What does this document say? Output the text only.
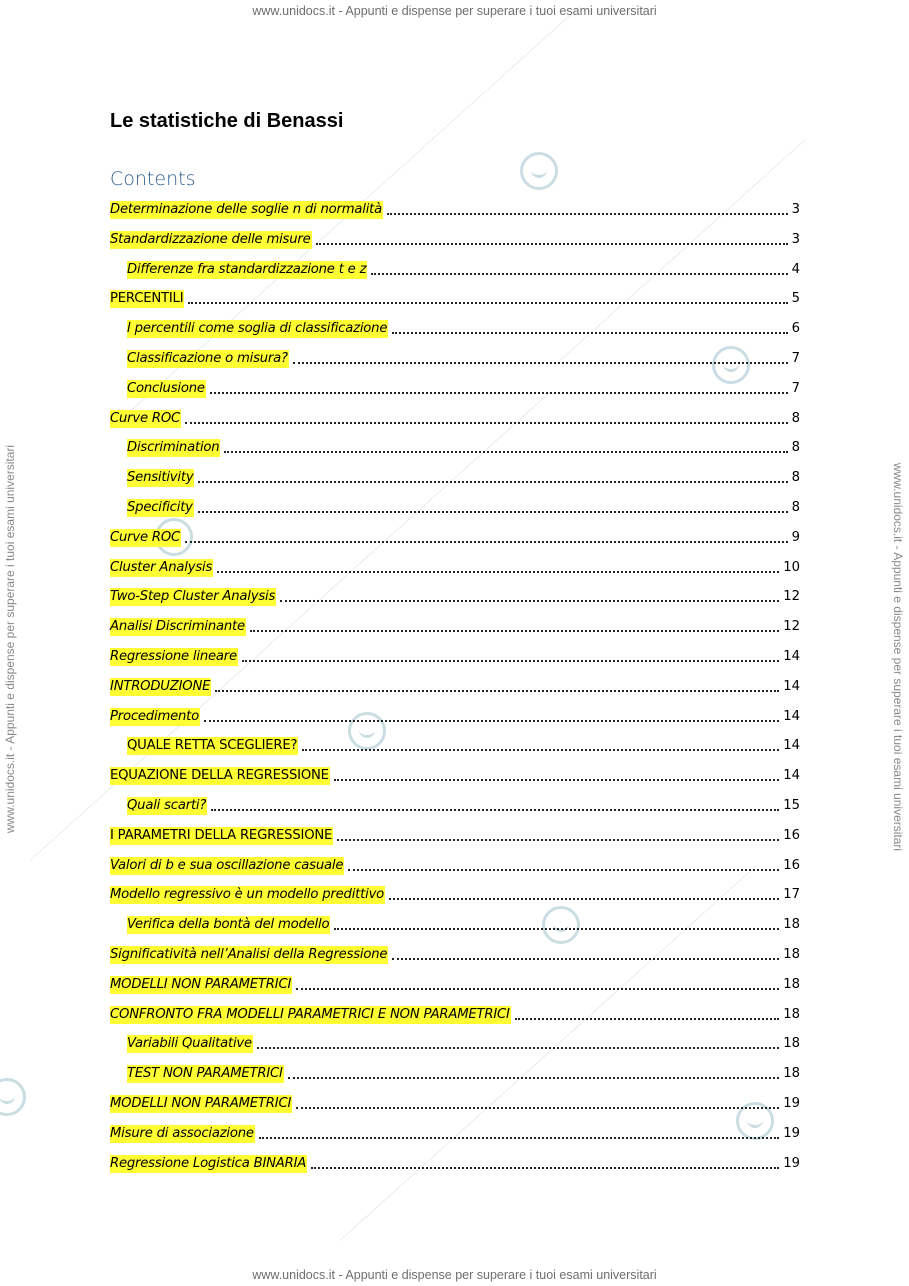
www.unidocs.it - Appunti e dispense per superare i tuoi esami universitari
www.unidocs.it - Appunti e dispense per superare i tuoi esami universitari
www.unidocs.it - Appunti e dispense per superare i tuoi esami universitari	www.unidocs.it - Appunti e dispense per superare i tuoi esami universitari
Le statistiche di Benassi
Contents
Determinazione delle soglie n di normalità	3
Standardizzazione delle misure	3
Differenze fra standardizzazione t e z	4
PERCENTILI	5
I percentili come soglia di classificazione	6
Classificazione o misura?	7
Conclusione	7
Curve ROC	8
Discrimination	8
Sensitivity	8
Specificity	8
Curve ROC	9
Cluster Analysis	10
Two-Step Cluster Analysis	12
Analisi Discriminante	12
Regressione lineare	14
INTRODUZIONE	14
Procedimento	14
QUALE RETTA SCEGLIERE?	14
EQUAZIONE DELLA REGRESSIONE	14
Quali scarti?	15
I PARAMETRI DELLA REGRESSIONE	16
Valori di b e sua oscillazione casuale	16
Modello regressivo è un modello predittivo	17
Verifica della bontà del modello	18
Significatività nell’Analisi della Regressione	18
MODELLI NON PARAMETRICI	18
CONFRONTO FRA MODELLI PARAMETRICI E NON PARAMETRICI	18
Variabili Qualitative	18
TEST NON PARAMETRICI	18
MODELLI NON PARAMETRICI	19
Misure di associazione	19
Regressione Logistica BINARIA	19
